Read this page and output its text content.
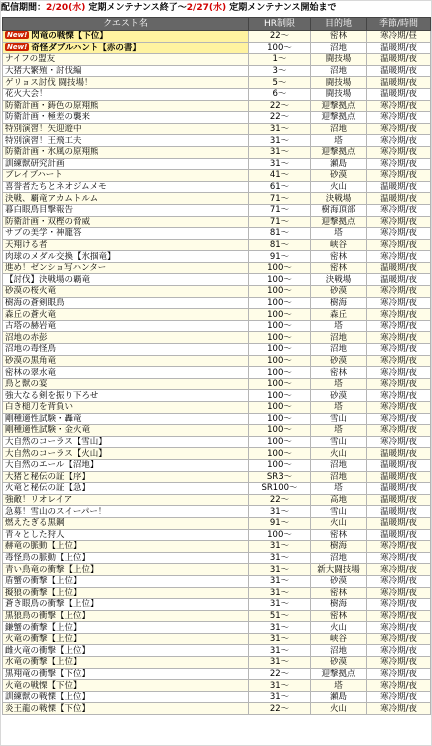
配信期間：2/20(水) 定期メンテナンス終了～2/27(水) 定期メンテナンス開始まで
クエスト名	HR制限	目的地	季節/時間
New! 閃竜の戦慄【下位】	22～	密林	寒冷期/昼
New! 奇怪ダブルハント【赤の書】	100～	沼地	温暖期/夜
ナイフの盟友	1～	闘技場	温暖期/夜
大猪大繁殖・討伐編	3～	沼地	温暖期/夜
ゲリョス討伐 闘技場！	5～	闘技場	温暖期/夜
花火大会！	6～	闘技場	温暖期/夜
防衛計画・鋳色の原翔熊	22～	迎撃拠点	寒冷期/夜
防衛計画・極差の襲来	22～	迎撃拠点	寒冷期/夜
特別演習！矢迎遊中	31～	沼地	寒冷期/夜
特別演習！王飛工夫	31～	塔	寒冷期/夜
防衛計画・氷風の原翔熊	31～	迎撃拠点	寒冷期/夜
訓練獣研究計画	31～	瀬島	寒冷期/夜
ブレイブハート	41～	砂漠	寒冷期/夜
喜誉者たちとネオジムメモ	61～	火山	温暖期/夜
決戦、覇竜アカムトルム	71～	決戦場	温暖期/夜
暮白眼鳥目撃報告	71～	樹海頂部	寒冷期/夜
防衛計画・双樫の脅威	71～	迎撃拠点	寒冷期/夜
サブの美学・神籠答	81～	塔	寒冷期/夜
天翔ける者	81～	峡谷	寒冷期/夜
肉球のメダル交換【氷掴竜】	91～	密林	寒冷期/夜
進め！ゼンショ写ハンター	100～	密林	温暖期/夜
【討伐】決戦場の覇竜	100～	決戦場	温暖期/夜
砂漠の桜火竜	100～	砂漠	寒冷期/夜
樹海の蒼剣眼鳥	100～	樹海	寒冷期/夜
森丘の蒼火竜	100～	森丘	寒冷期/夜
古塔の赫岩竜	100～	塔	寒冷期/夜
沼地の赤彭	100～	沼地	寒冷期/夜
沼地の毒怪鳥	100～	沼地	寒冷期/夜
砂漠の黒角竜	100～	砂漠	寒冷期/夜
密林の翠水竜	100～	密林	寒冷期/夜
鳥と獣の宴	100～	塔	寒冷期/夜
強大なる剣を振り下ろせ	100～	砂漠	寒冷期/夜
白き槌刀を背負い	100～	塔	寒冷期/夜
剛種適性試験・轟竜	100～	雪山	寒冷期/夜
剛種適性試験・金火竜	100～	塔	寒冷期/夜
大自然のコーラス【雪山】	100～	雪山	寒冷期/夜
大自然のコーラス【火山】	100～	火山	温暖期/夜
大自然のエール【沼地】	100～	沼地	温暖期/夜
大猪と秘伝の証【序】	SR3～	沼地	温暖期/夜
火竜と秘伝の証【急】	SR100～	塔	温暖期/夜
強敵！リオレイア	22～	高地	温暖期/夜
急募！雪山のスイーパー！	31～	雪山	温暖期/夜
燃えたぎる黒鋼	91～	火山	温暖期/夜
青々とした狩人	100～	密林	温暖期/夜
赫竜の脈動【上位】	31～	樹海	寒冷期/夜
毒怪鳥の脈動【上位】	31～	沼地	寒冷期/夜
青い鳥竜の衝撃【上位】	31～	新大闘技場	寒冷期/夜
盾蟹の衝撃【上位】	31～	砂漠	寒冷期/夜
擬狼の衝撃【上位】	31～	密林	寒冷期/夜
蒼き眼鳥の衝撃【上位】	31～	樹海	寒冷期/夜
黒狼鳥の衝撃【上位】	51～	密林	寒冷期/夜
鎌蟹の衝撃【上位】	31～	火山	寒冷期/夜
火竜の衝撃【上位】	31～	峡谷	寒冷期/夜
雌火竜の衝撃【上位】	31～	沼地	寒冷期/夜
水竜の衝撃【上位】	31～	砂漠	寒冷期/夜
黒翔竜の衝撃【下位】	22～	迎撃拠点	寒冷期/夜
火竜の戦慄【下位】	31～	塔	寒冷期/夜
訓練獣の戦慄【上位】	31～	瀬島	寒冷期/夜
炎王龍の戦慄【下位】	22～	火山	寒冷期/夜
